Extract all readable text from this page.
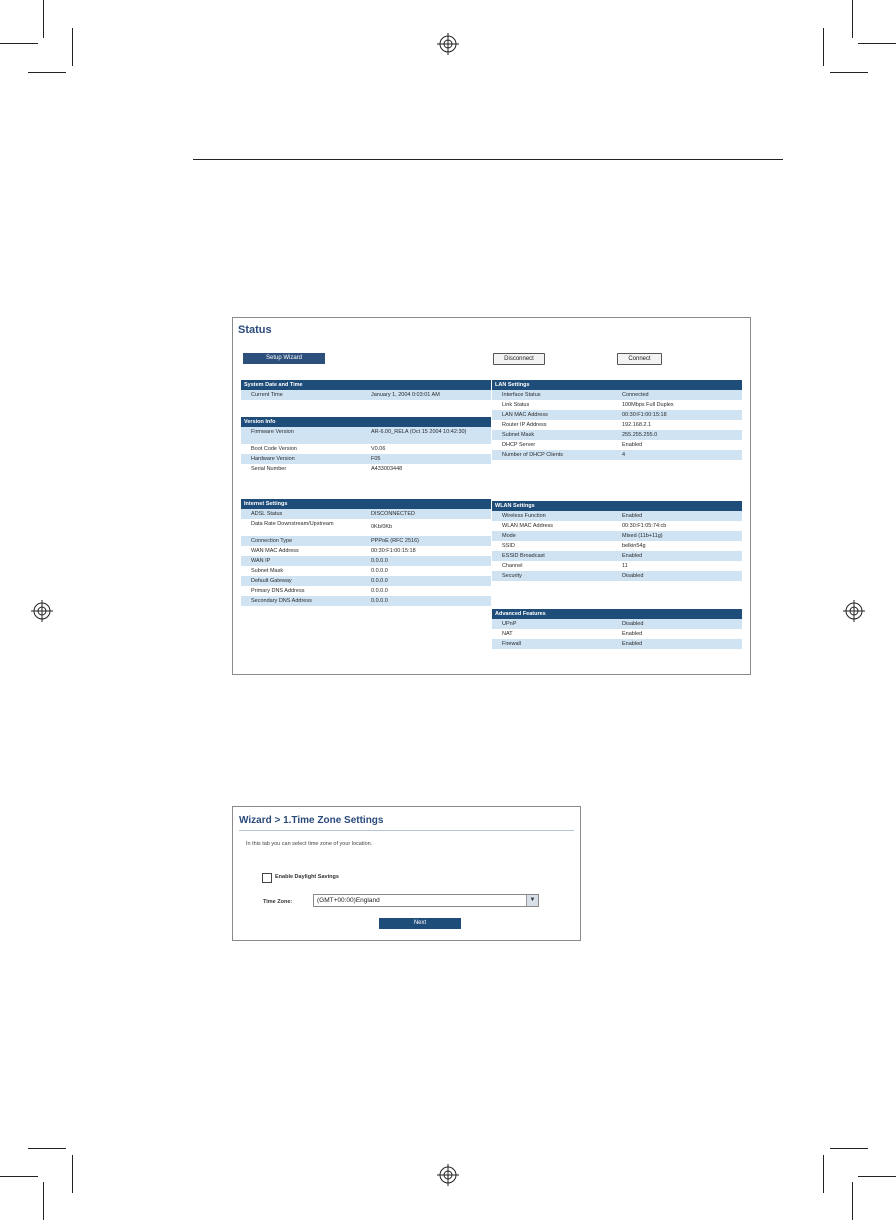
Status
Setup Wizard	Disconnect	Connect
System Date and Time
Current Time	January 1, 2004 0:03:01 AM
Version Info
Firmware Version	AR-6.00_RELA (Oct 15 2004 10:42:30)
Boot Code Version	V0.06
Hardware Version	F05
Serial Number	A433003448
Internet Settings
ADSL Status	DISCONNECTED
Data Rate Downstream/Upstream	0Kb/0Kb
Connection Type	PPPoE (RFC 2516)
WAN MAC Address	00:30:F1:00:15:18
WAN IP	0.0.0.0
Subnet Mask	0.0.0.0
Default Gateway	0.0.0.0
Primary DNS Address	0.0.0.0
Secondary DNS Address	0.0.0.0
LAN Settings
Interface Status	Connected
Link Status	100Mbps Full Duplex
LAN MAC Address	00:30:F1:00:15:18
Router IP Address	192.168.2.1
Subnet Mask	255.255.255.0
DHCP Server	Enabled
Number of DHCP Clients	4
WLAN Settings
Wireless Function	Enabled
WLAN MAC Address	00:30:F1:05:74:cb
Mode	Mixed (11b+11g)
SSID	belkin54g
ESSID Broadcast	Enabled
Channel	11
Security	Disabled
Advanced Features
UPnP	Disabled
NAT	Enabled
Firewall	Enabled
Wizard > 1.Time Zone Settings
In this tab you can select time zone of your location.
Enable Daylight Savings
Time Zone:	(GMT+00:00)England	▼
Next
